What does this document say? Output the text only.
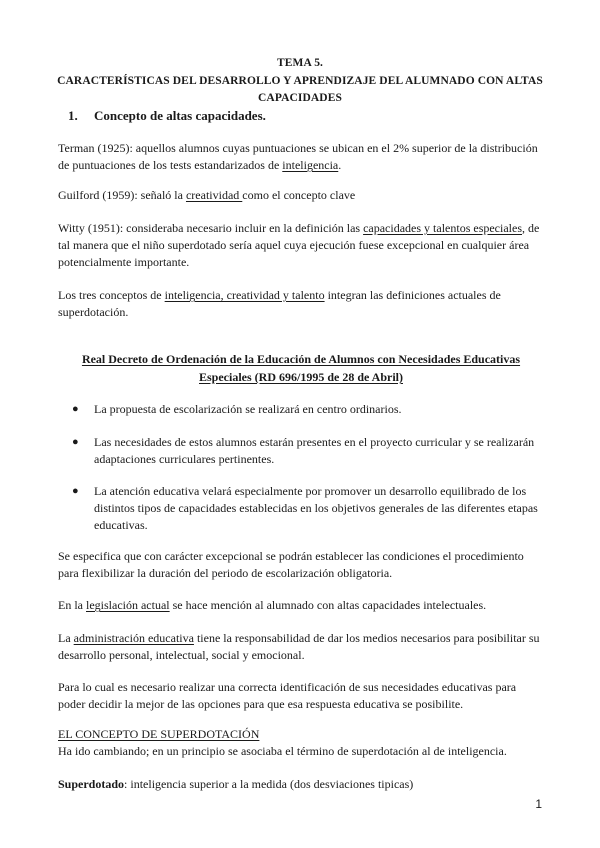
TEMA 5.
CARACTERÍSTICAS DEL DESARROLLO Y APRENDIZAJE DEL ALUMNADO CON ALTAS
CAPACIDADES
1. Concepto de altas capacidades.
Terman (1925): aquellos alumnos cuyas puntuaciones se ubican en el 2% superior de la distribución de puntuaciones de los tests estandarizados de inteligencia.
Guilford (1959): señaló la creatividad como el concepto clave
Witty (1951): consideraba necesario incluir en la definición las capacidades y talentos especiales, de tal manera que el niño superdotado sería aquel cuya ejecución fuese excepcional en cualquier área potencialmente importante.
Los tres conceptos de inteligencia, creatividad y talento integran las definiciones actuales de superdotación.
Real Decreto de Ordenación de la Educación de Alumnos con Necesidades Educativas Especiales (RD 696/1995 de 28 de Abril)
● La propuesta de escolarización se realizará en centro ordinarios.
● Las necesidades de estos alumnos estarán presentes en el proyecto curricular y se realizarán adaptaciones curriculares pertinentes.
● La atención educativa velará especialmente por promover un desarrollo equilibrado de los distintos tipos de capacidades establecidas en los objetivos generales de las diferentes etapas educativas.
Se especifica que con carácter excepcional se podrán establecer las condiciones el procedimiento para flexibilizar la duración del periodo de escolarización obligatoria.
En la legislación actual se hace mención al alumnado con altas capacidades intelectuales.
La administración educativa tiene la responsabilidad de dar los medios necesarios para posibilitar su desarrollo personal, intelectual, social y emocional.
Para lo cual es necesario realizar una correcta identificación de sus necesidades educativas para poder decidir la mejor de las opciones para que esa respuesta educativa se posibilite.
EL CONCEPTO DE SUPERDOTACIÓN
Ha ido cambiando; en un principio se asociaba el término de superdotación al de inteligencia.
Superdotado: inteligencia superior a la medida (dos desviaciones tipicas)
1
